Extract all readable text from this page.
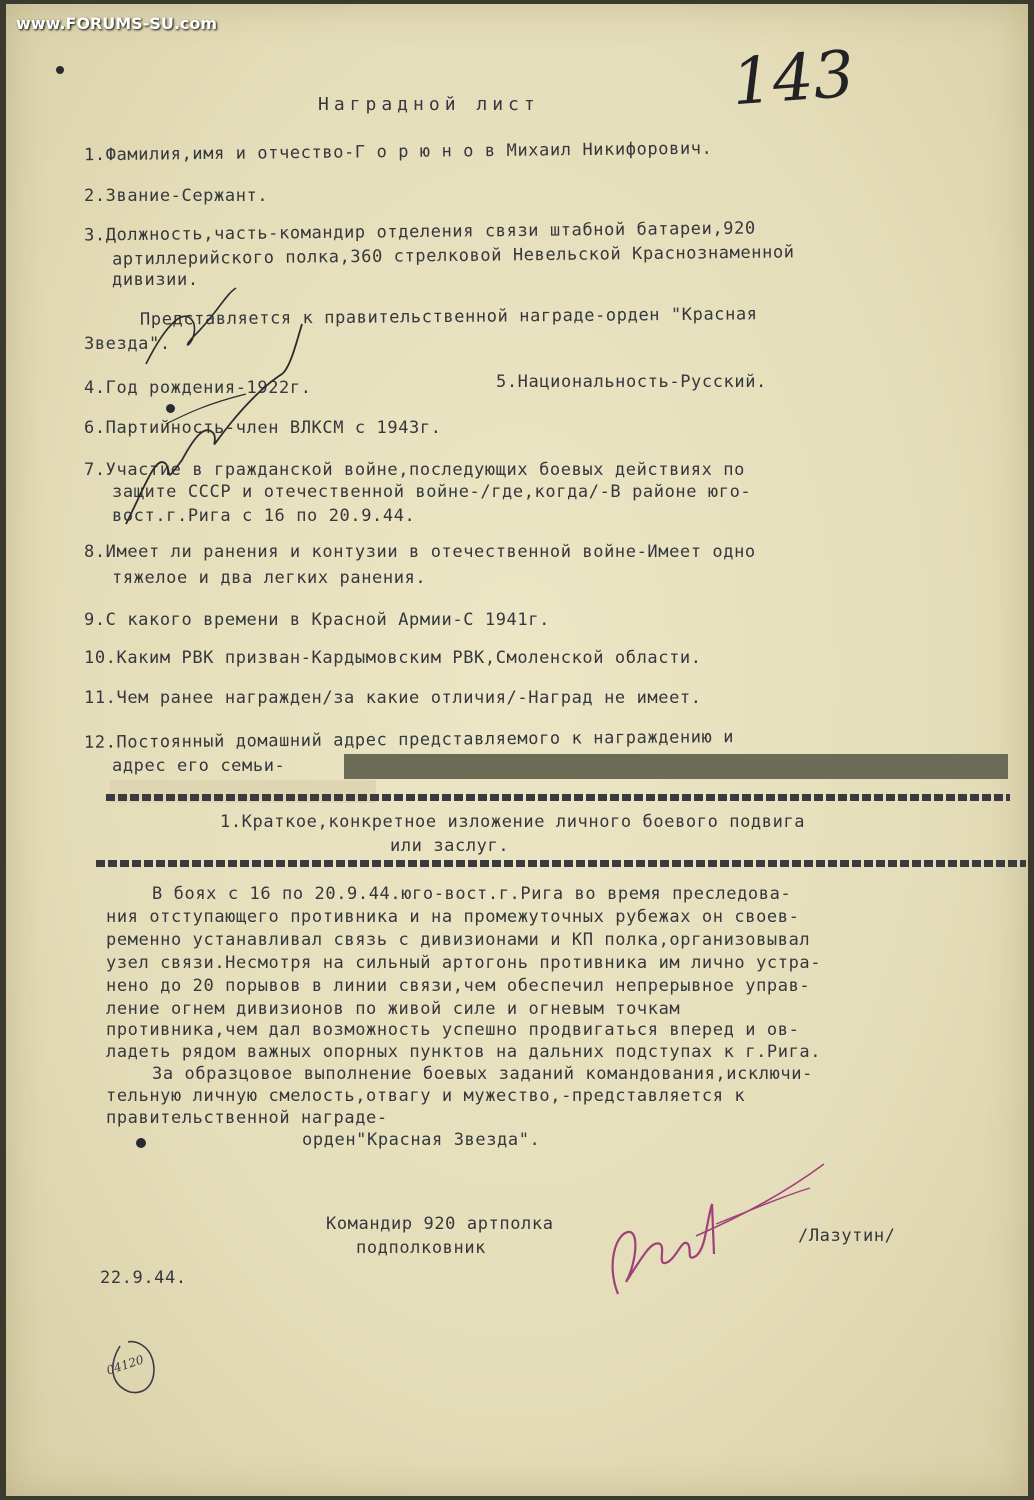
www.FORUMS-SU.com
143
Наградной лист
1.Фамилия,имя и отчество-Г о р ю н о в Михаил Никифорович.
2.Звание-Сержант.
3.Должность,часть-командир отделения связи штабной батареи,920
артиллерийского полка,360 стрелковой Невельской Краснознаменной
дивизии.
Представляется к правительственной награде-орден "Красная
Звезда".
4.Год рождения-1922г.	5.Национальность-Русский.
6.Партийность-член ВЛКСМ с 1943г.
7.Участие в гражданской войне,последующих боевых действиях по
защите СССР и отечественной войне-/где,когда/-В районе юго-
вост.г.Рига с 16 по 20.9.44.
8.Имеет ли ранения и контузии в отечественной войне-Имеет одно
тяжелое и два легких ранения.
9.С какого времени в Красной Армии-С 1941г.
10.Каким РВК призван-Кардымовским РВК,Смоленской области.
11.Чем ранее награжден/за какие отличия/-Наград не имеет.
12.Постоянный домашний адрес представляемого к награждению и
адрес его семьи-
1.Краткое,конкретное изложение личного боевого подвига
или заслуг.
В боях с 16 по 20.9.44.юго-вост.г.Рига во время преследова-
ния отступающего противника и на промежуточных рубежах он своев-
ременно устанавливал связь с дивизионами и КП полка,организовывал
узел связи.Несмотря на сильный артогонь противника им лично устра-
нено до 20 порывов в линии связи,чем обеспечил непрерывное управ-
ление огнем дивизионов по живой силе и огневым точкам
противника,чем дал возможность успешно продвигаться вперед и ов-
ладеть рядом важных опорных пунктов на дальних подступах к г.Рига.
За образцовое выполнение боевых заданий командования,исключи-
тельную личную смелость,отвагу и мужество,-представляется к
правительственной награде-
орден"Красная Звезда".
Командир 920 артполка
подполковник
/Лазутин/
22.9.44.
04120
